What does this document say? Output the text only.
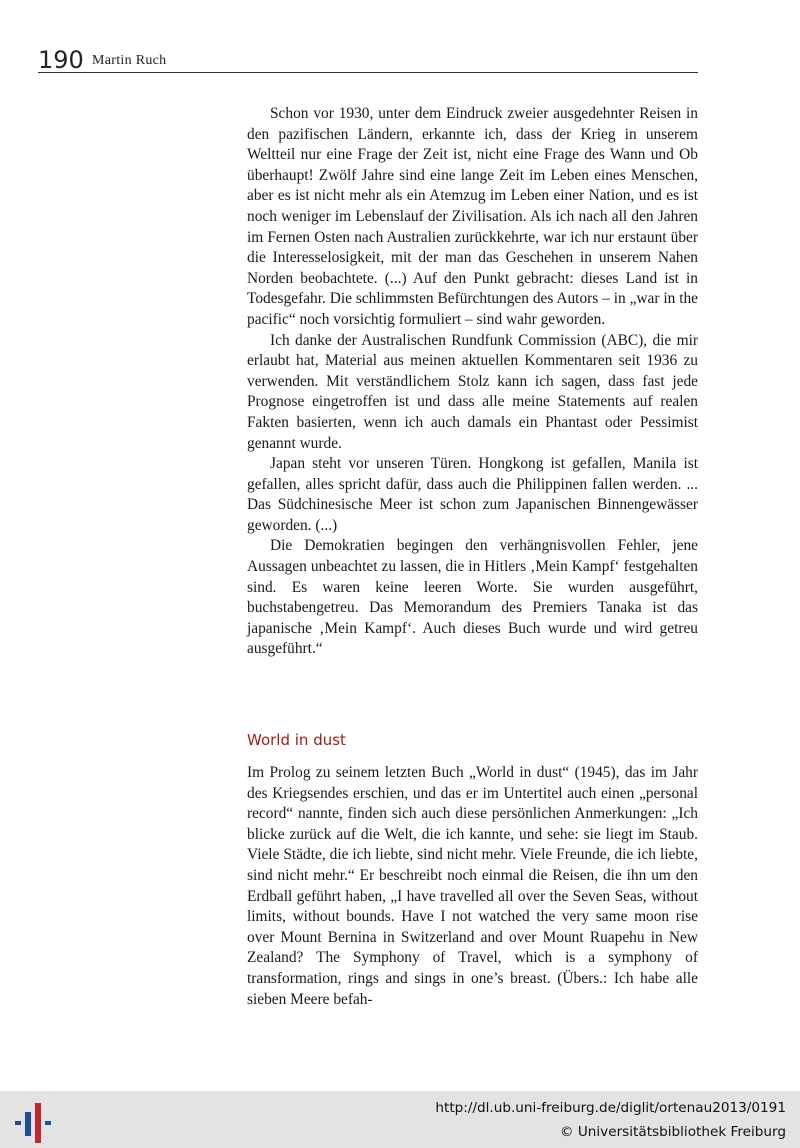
190 Martin Ruch

Schon vor 1930, unter dem Eindruck zweier ausgedehnter Reisen in den pazifischen Ländern, erkannte ich, dass der Krieg in unserem Weltteil nur eine Frage der Zeit ist, nicht eine Frage des Wann und Ob überhaupt! Zwölf Jahre sind eine lange Zeit im Leben eines Menschen, aber es ist nicht mehr als ein Atemzug im Leben einer Nation, und es ist noch weniger im Lebenslauf der Zivilisation. Als ich nach all den Jahren im Fernen Osten nach Australien zurückkehrte, war ich nur erstaunt über die Interesselosigkeit, mit der man das Geschehen in unserem Nahen Norden beobachtete. (...) Auf den Punkt gebracht: dieses Land ist in Todesgefahr. Die schlimmsten Befürchtungen des Autors – in „war in the pacific“ noch vorsichtig formuliert – sind wahr geworden.

Ich danke der Australischen Rundfunk Commission (ABC), die mir erlaubt hat, Material aus meinen aktuellen Kommentaren seit 1936 zu verwenden. Mit verständlichem Stolz kann ich sagen, dass fast jede Prognose eingetroffen ist und dass alle meine Statements auf realen Fakten basierten, wenn ich auch damals ein Phantast oder Pessimist genannt wurde.

Japan steht vor unseren Türen. Hongkong ist gefallen, Manila ist gefallen, alles spricht dafür, dass auch die Philippinen fallen werden. ... Das Südchinesische Meer ist schon zum Japanischen Binnengewässer geworden. (...)

Die Demokratien begingen den verhängnisvollen Fehler, jene Aussagen unbeachtet zu lassen, die in Hitlers ‚Mein Kampf‘ festgehalten sind. Es waren keine leeren Worte. Sie wurden ausgeführt, buchstabengetreu. Das Memorandum des Premiers Tanaka ist das japanische ‚Mein Kampf‘. Auch dieses Buch wurde und wird getreu ausgeführt.“

World in dust

Im Prolog zu seinem letzten Buch „World in dust“ (1945), das im Jahr des Kriegsendes erschien, und das er im Untertitel auch einen „personal record“ nannte, finden sich auch diese persönlichen Anmerkungen: „Ich blicke zurück auf die Welt, die ich kannte, und sehe: sie liegt im Staub. Viele Städte, die ich liebte, sind nicht mehr. Viele Freunde, die ich liebte, sind nicht mehr.“ Er beschreibt noch einmal die Reisen, die ihn um den Erdball geführt haben, „I have travelled all over the Seven Seas, without limits, without bounds. Have I not watched the very same moon rise over Mount Bernina in Switzerland and over Mount Ruapehu in New Zealand? The Symphony of Travel, which is a symphony of transformation, rings and sings in one’s breast. (Übers.: Ich habe alle sieben Meere befah-

http://dl.ub.uni-freiburg.de/diglit/ortenau2013/0191
© Universitätsbibliothek Freiburg
